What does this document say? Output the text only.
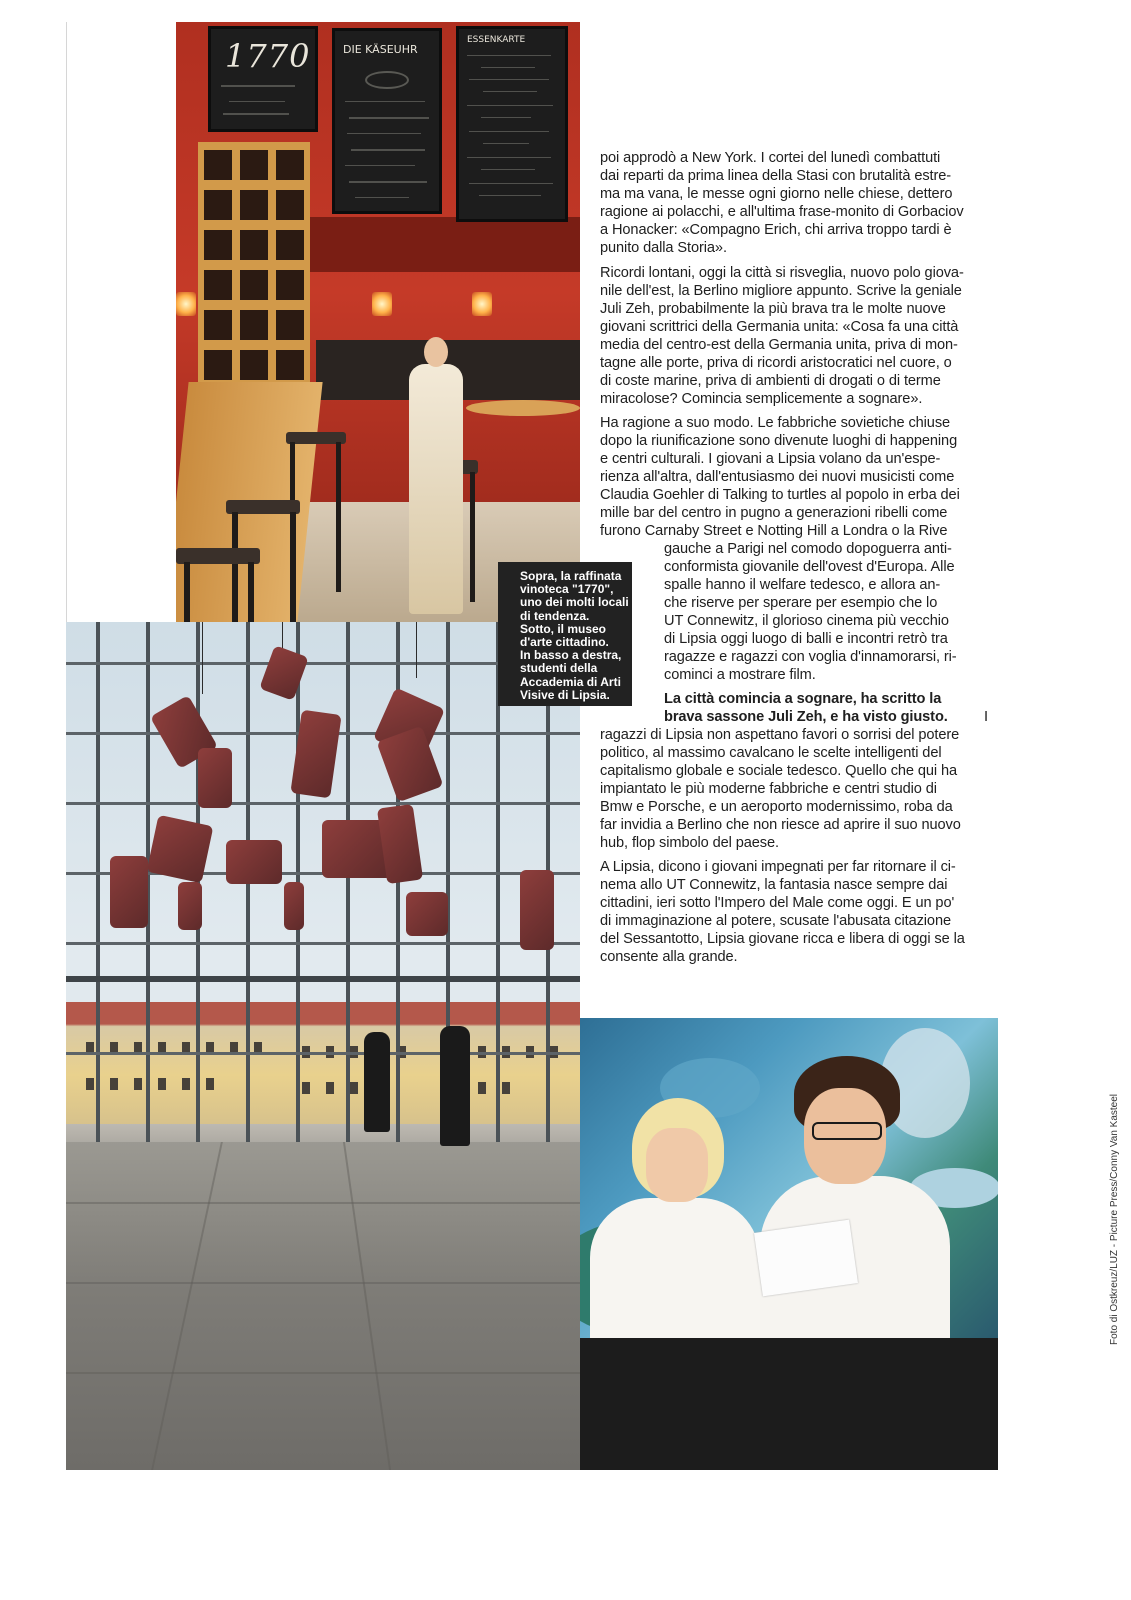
1770	DIE KÄSEUHR
ESSENKARTE
Sopra, la raffinata
vinoteca "1770",
uno dei molti locali
di tendenza.
Sotto, il museo
d'arte cittadino.
In basso a destra,
studenti della
Accademia di Arti
Visive di Lipsia.
poi approdò a New York. I cortei del lunedì combattuti
dai reparti da prima linea della Stasi con brutalità estre-
ma ma vana, le messe ogni giorno nelle chiese, dettero
ragione ai polacchi, e all'ultima frase-monito di Gorbaciov
a Honacker: «Compagno Erich, chi arriva troppo tardi è
punito dalla Storia».
Ricordi lontani, oggi la città si risveglia, nuovo polo giova-
nile dell'est, la Berlino migliore appunto. Scrive la geniale
Juli Zeh, probabilmente la più brava tra le molte nuove
giovani scrittrici della Germania unita: «Cosa fa una città
media del centro-est della Germania unita, priva di mon-
tagne alle porte, priva di ricordi aristocratici nel cuore, o
di coste marine, priva di ambienti di drogati o di terme
miracolose? Comincia semplicemente a sognare».
Ha ragione a suo modo. Le fabbriche sovietiche chiuse
dopo la riunificazione sono divenute luoghi di happening
e centri culturali. I giovani a Lipsia volano da un'espe-
rienza all'altra, dall'entusiasmo dei nuovi musicisti come
Claudia Goehler di Talking to turtles al popolo in erba dei
mille bar del centro in pugno a generazioni ribelli come
furono Carnaby Street e Notting Hill a Londra o la Rive
gauche a Parigi nel comodo dopoguerra anti-
conformista giovanile dell'ovest d'Europa. Alle
spalle hanno il welfare tedesco, e allora an-
che riserve per sperare per esempio che lo
UT Connewitz, il glorioso cinema più vecchio
di Lipsia oggi luogo di balli e incontri retrò tra
ragazze e ragazzi con voglia d'innamorarsi, ri-
cominci a mostrare film.
La città comincia a sognare, ha scritto la
brava sassone Juli Zeh, e ha visto giusto. I
ragazzi di Lipsia non aspettano favori o sorrisi del potere
politico, al massimo cavalcano le scelte intelligenti del
capitalismo globale e sociale tedesco. Quello che qui ha
impiantato le più moderne fabbriche e centri studio di
Bmw e Porsche, e un aeroporto modernissimo, roba da
far invidia a Berlino che non riesce ad aprire il suo nuovo
hub, flop simbolo del paese.
A Lipsia, dicono i giovani impegnati per far ritornare il ci-
nema allo UT Connewitz, la fantasia nasce sempre dai
cittadini, ieri sotto l'Impero del Male come oggi. E un po'
di immaginazione al potere, scusate l'abusata citazione
del Sessantotto, Lipsia giovane ricca e libera di oggi se la
consente alla grande.
Foto di Ostkreuz/LUZ - Picture Press/Conny Van Kasteel
